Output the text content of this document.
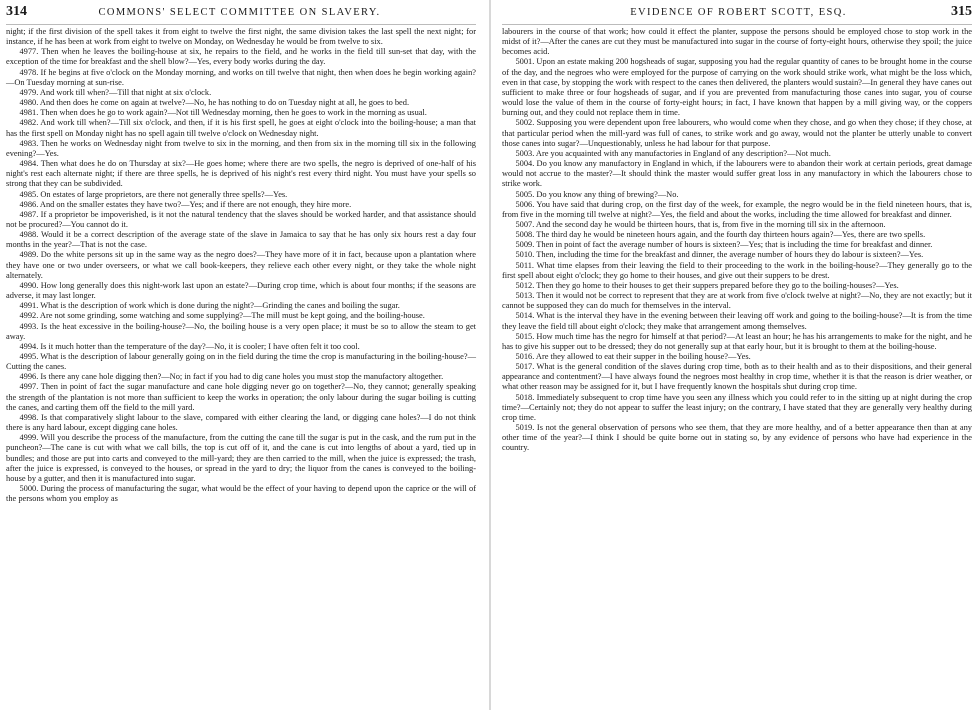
314	COMMONS' SELECT COMMITTEE ON SLAVERY.

night; if the first division of the spell takes it from eight to twelve the first night, the same division takes the last spell the next night; for instance, if he has been at work from eight to twelve on Monday, on Wednesday he would be from twelve to six.

4977. Then when he leaves the boiling-house at six, he repairs to the field, and he works in the field till sun-set that day, with the exception of the time for breakfast and the shell blow?—Yes, every body works during the day.

4978. If he begins at five o'clock on the Monday morning, and works on till twelve that night, then when does he begin working again?—On Tuesday morning at sun-rise.

4979. And work till when?—Till that night at six o'clock.

4980. And then does he come on again at twelve?—No, he has nothing to do on Tuesday night at all, he goes to bed.

4981. Then when does he go to work again?—Not till Wednesday morning, then he goes to work in the morning as usual.

4982. And work till when?—Till six o'clock, and then, if it is his first spell, he goes at eight o'clock into the boiling-house; a man that has the first spell on Monday night has no spell again till twelve o'clock on Wednesday night.

4983. Then he works on Wednesday night from twelve to six in the morning, and then from six in the morning till six in the following evening?—Yes.

4984. Then what does he do on Thursday at six?—He goes home; where there are two spells, the negro is deprived of one-half of his night's rest each alternate night; if there are three spells, he is deprived of his night's rest every third night. You must have your spells so strong that they can be subdivided.

4985. On estates of large proprietors, are there not generally three spells?—Yes.

4986. And on the smaller estates they have two?—Yes; and if there are not enough, they hire more.

4987. If a proprietor be impoverished, is it not the natural tendency that the slaves should be worked harder, and that assistance should not be procured?—You cannot do it.

4988. Would it be a correct description of the average state of the slave in Jamaica to say that he has only six hours rest a day four months in the year?—That is not the case.

4989. Do the white persons sit up in the same way as the negro does?—They have more of it in fact, because upon a plantation where they have one or two under overseers, or what we call book-keepers, they relieve each other every night, or they take the whole night alternately.

4990. How long generally does this night-work last upon an estate?—During crop time, which is about four months; if the seasons are adverse, it may last longer.

4991. What is the description of work which is done during the night?—Grinding the canes and boiling the sugar.

4992. Are not some grinding, some watching and some supplying?—The mill must be kept going, and the boiling-house.

4993. Is the heat excessive in the boiling-house?—No, the boiling house is a very open place; it must be so to allow the steam to get away.

4994. Is it much hotter than the temperature of the day?—No, it is cooler; I have often felt it too cool.

4995. What is the description of labour generally going on in the field during the time the crop is manufacturing in the boiling-house?—Cutting the canes.

4996. Is there any cane hole digging then?—No; in fact if you had to dig cane holes you must stop the manufactory altogether.

4997. Then in point of fact the sugar manufacture and cane hole digging never go on together?—No, they cannot; generally speaking the strength of the plantation is not more than sufficient to keep the works in operation; the only labour during the sugar boiling is cutting the canes, and carting them off the field to the mill yard.

4998. Is that comparatively slight labour to the slave, compared with either clearing the land, or digging cane holes?—I do not think there is any hard labour, except digging cane holes.

4999. Will you describe the process of the manufacture, from the cutting the cane till the sugar is put in the cask, and the rum put in the puncheon?—The cane is cut with what we call bills, the top is cut off of it, and the cane is cut into lengths of about a yard, tied up in bundles; and those are put into carts and conveyed to the mill-yard; they are then carried to the mill, when the juice is expressed; the trash, after the juice is expressed, is conveyed to the houses, or spread in the yard to dry; the liquor from the canes is conveyed to the boiling-house by a gutter, and then it is manufactured into sugar.

5000. During the process of manufacturing the sugar, what would be the effect of your having to depend upon the caprice or the will of the persons whom you employ as

EVIDENCE OF ROBERT SCOTT, ESQ.	315

labourers in the course of that work; how could it effect the planter, suppose the persons should be employed chose to stop work in the midst of it?—After the canes are cut they must be manufactured into sugar in the course of forty-eight hours, otherwise they spoil; the juice becomes acid.

5001. Upon an estate making 200 hogsheads of sugar, supposing you had the regular quantity of canes to be brought home in the course of the day, and the negroes who were employed for the purpose of carrying on the work should strike work, what might be the loss which, even in that case, by stopping the work with respect to the canes then delivered, the planters would sustain?—In general they have canes out sufficient to make three or four hogsheads of sugar, and if you are prevented from manufacturing those canes into sugar, you of course would lose the value of them in the course of forty-eight hours; in fact, I have known that happen by a mill giving way, or the coppers burning out, and they could not replace them in time.

5002. Supposing you were dependent upon free labourers, who would come when they chose, and go when they chose; if they chose, at that particular period when the mill-yard was full of canes, to strike work and go away, would not the planter be utterly unable to convert those canes into sugar?—Unquestionably, unless he had labour for that purpose.

5003. Are you acquainted with any manufactories in England of any description?—Not much.

5004. Do you know any manufactory in England in which, if the labourers were to abandon their work at certain periods, great damage would not accrue to the master?—It should think the master would suffer great loss in any manufactory in which the labourers chose to strike work.

5005. Do you know any thing of brewing?—No.

5006. You have said that during crop, on the first day of the week, for example, the negro would be in the field nineteen hours, that is, from five in the morning till twelve at night?—Yes, the field and about the works, including the time allowed for breakfast and dinner.

5007. And the second day he would be thirteen hours, that is, from five in the morning till six in the afternoon.

5008. The third day he would be nineteen hours again, and the fourth day thirteen hours again?—Yes, there are two spells.

5009. Then in point of fact the average number of hours is sixteen?—Yes; that is including the time for breakfast and dinner.

5010. Then, including the time for the breakfast and dinner, the average number of hours they do labour is sixteen?—Yes.

5011. What time elapses from their leaving the field to their proceeding to the work in the boiling-house?—They generally go to the first spell about eight o'clock; they go home to their houses, and give out their suppers to be drest.

5012. Then they go home to their houses to get their suppers prepared before they go to the boiling-houses?—Yes.

5013. Then it would not be correct to represent that they are at work from five o'clock twelve at night?—No, they are not exactly; but it cannot be supposed they can do much for themselves in the interval.

5014. What is the interval they have in the evening between their leaving off work and going to the boiling-house?—It is from the time they leave the field till about eight o'clock; they make that arrangement among themselves.

5015. How much time has the negro for himself at that period?—At least an hour; he has his arrangements to make for the night, and he has to give his supper out to be dressed; they do not generally sup at that early hour, but it is brought to them at the boiling-house.

5016. Are they allowed to eat their supper in the boiling house?—Yes.

5017. What is the general condition of the slaves during crop time, both as to their health and as to their dispositions, and their general appearance and contentment?—I have always found the negroes most healthy in crop time, whether it is that the reason is drier weather, or what other reason may be assigned for it, but I have frequently known the hospitals shut during crop time.

5018. Immediately subsequent to crop time have you seen any illness which you could refer to in the sitting up at night during the crop time?—Certainly not; they do not appear to suffer the least injury; on the contrary, I have stated that they are generally very healthy during crop time.

5019. Is not the general observation of persons who see them, that they are more healthy, and of a better appearance then than at any other time of the year?—I think I should be quite borne out in stating so, by any evidence of persons who have had experience in the country.
